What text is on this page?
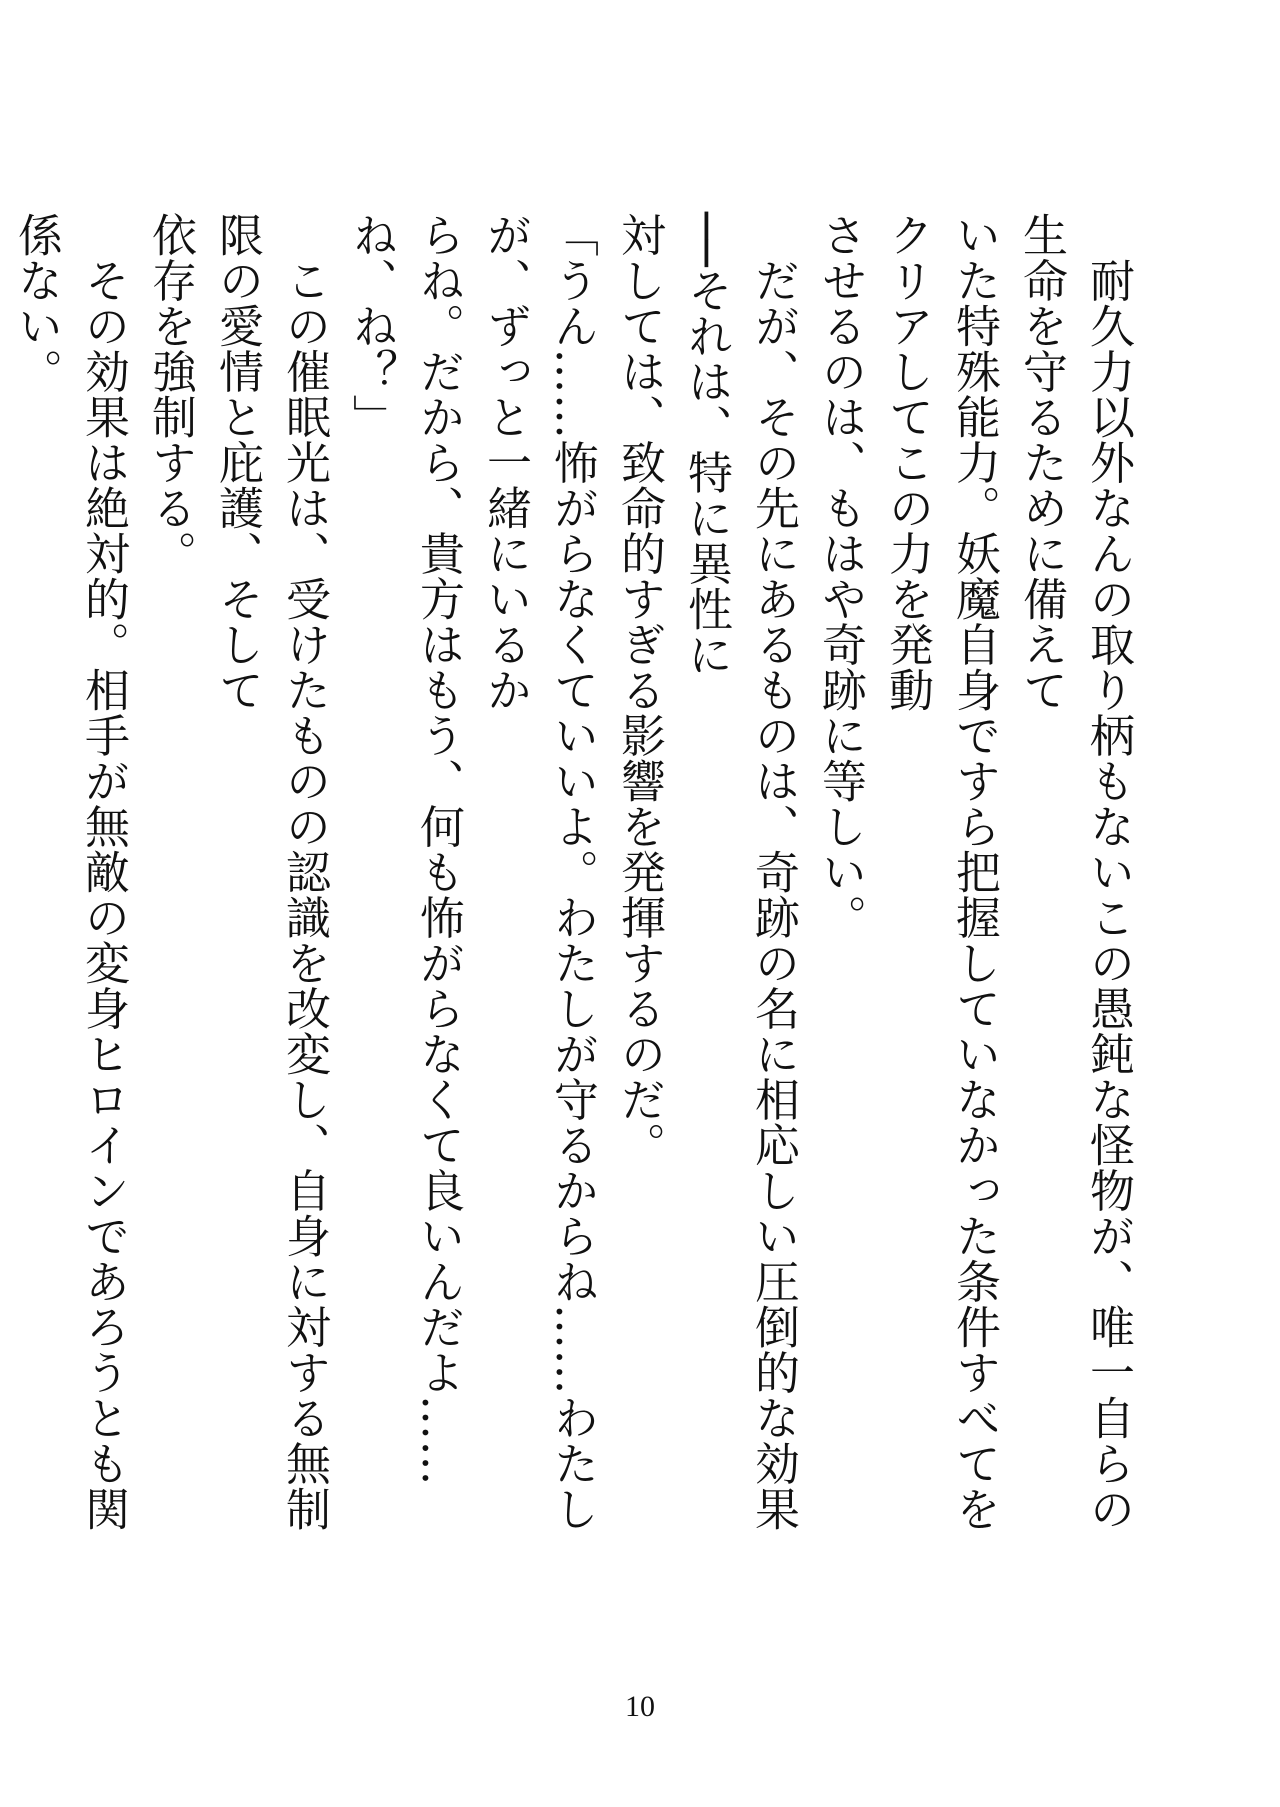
　耐久力以外なんの取り柄もないこの愚鈍な怪物が、唯一自らの生命を守るために備えて

いた特殊能力。妖魔自身ですら把握していなかった条件すべてをクリアしてこの力を発動

させるのは、もはや奇跡に等しい。

　だが、その先にあるものは、奇跡の名に相応しい圧倒的な効果──それは、特に異性に

対しては、致命的すぎる影響を発揮するのだ。

「うん……怖がらなくていいよ。わたしが守るからね……わたしが、ずっと一緒にいるか

らね。だから、貴方はもう、何も怖がらなくて良いんだよ……ね、ね？」

　この催眠光は、受けたものの認識を改変し、自身に対する無制限の愛情と庇護、そして

依存を強制する。

　その効果は絶対的。相手が無敵の変身ヒロインであろうとも関係ない。

10
